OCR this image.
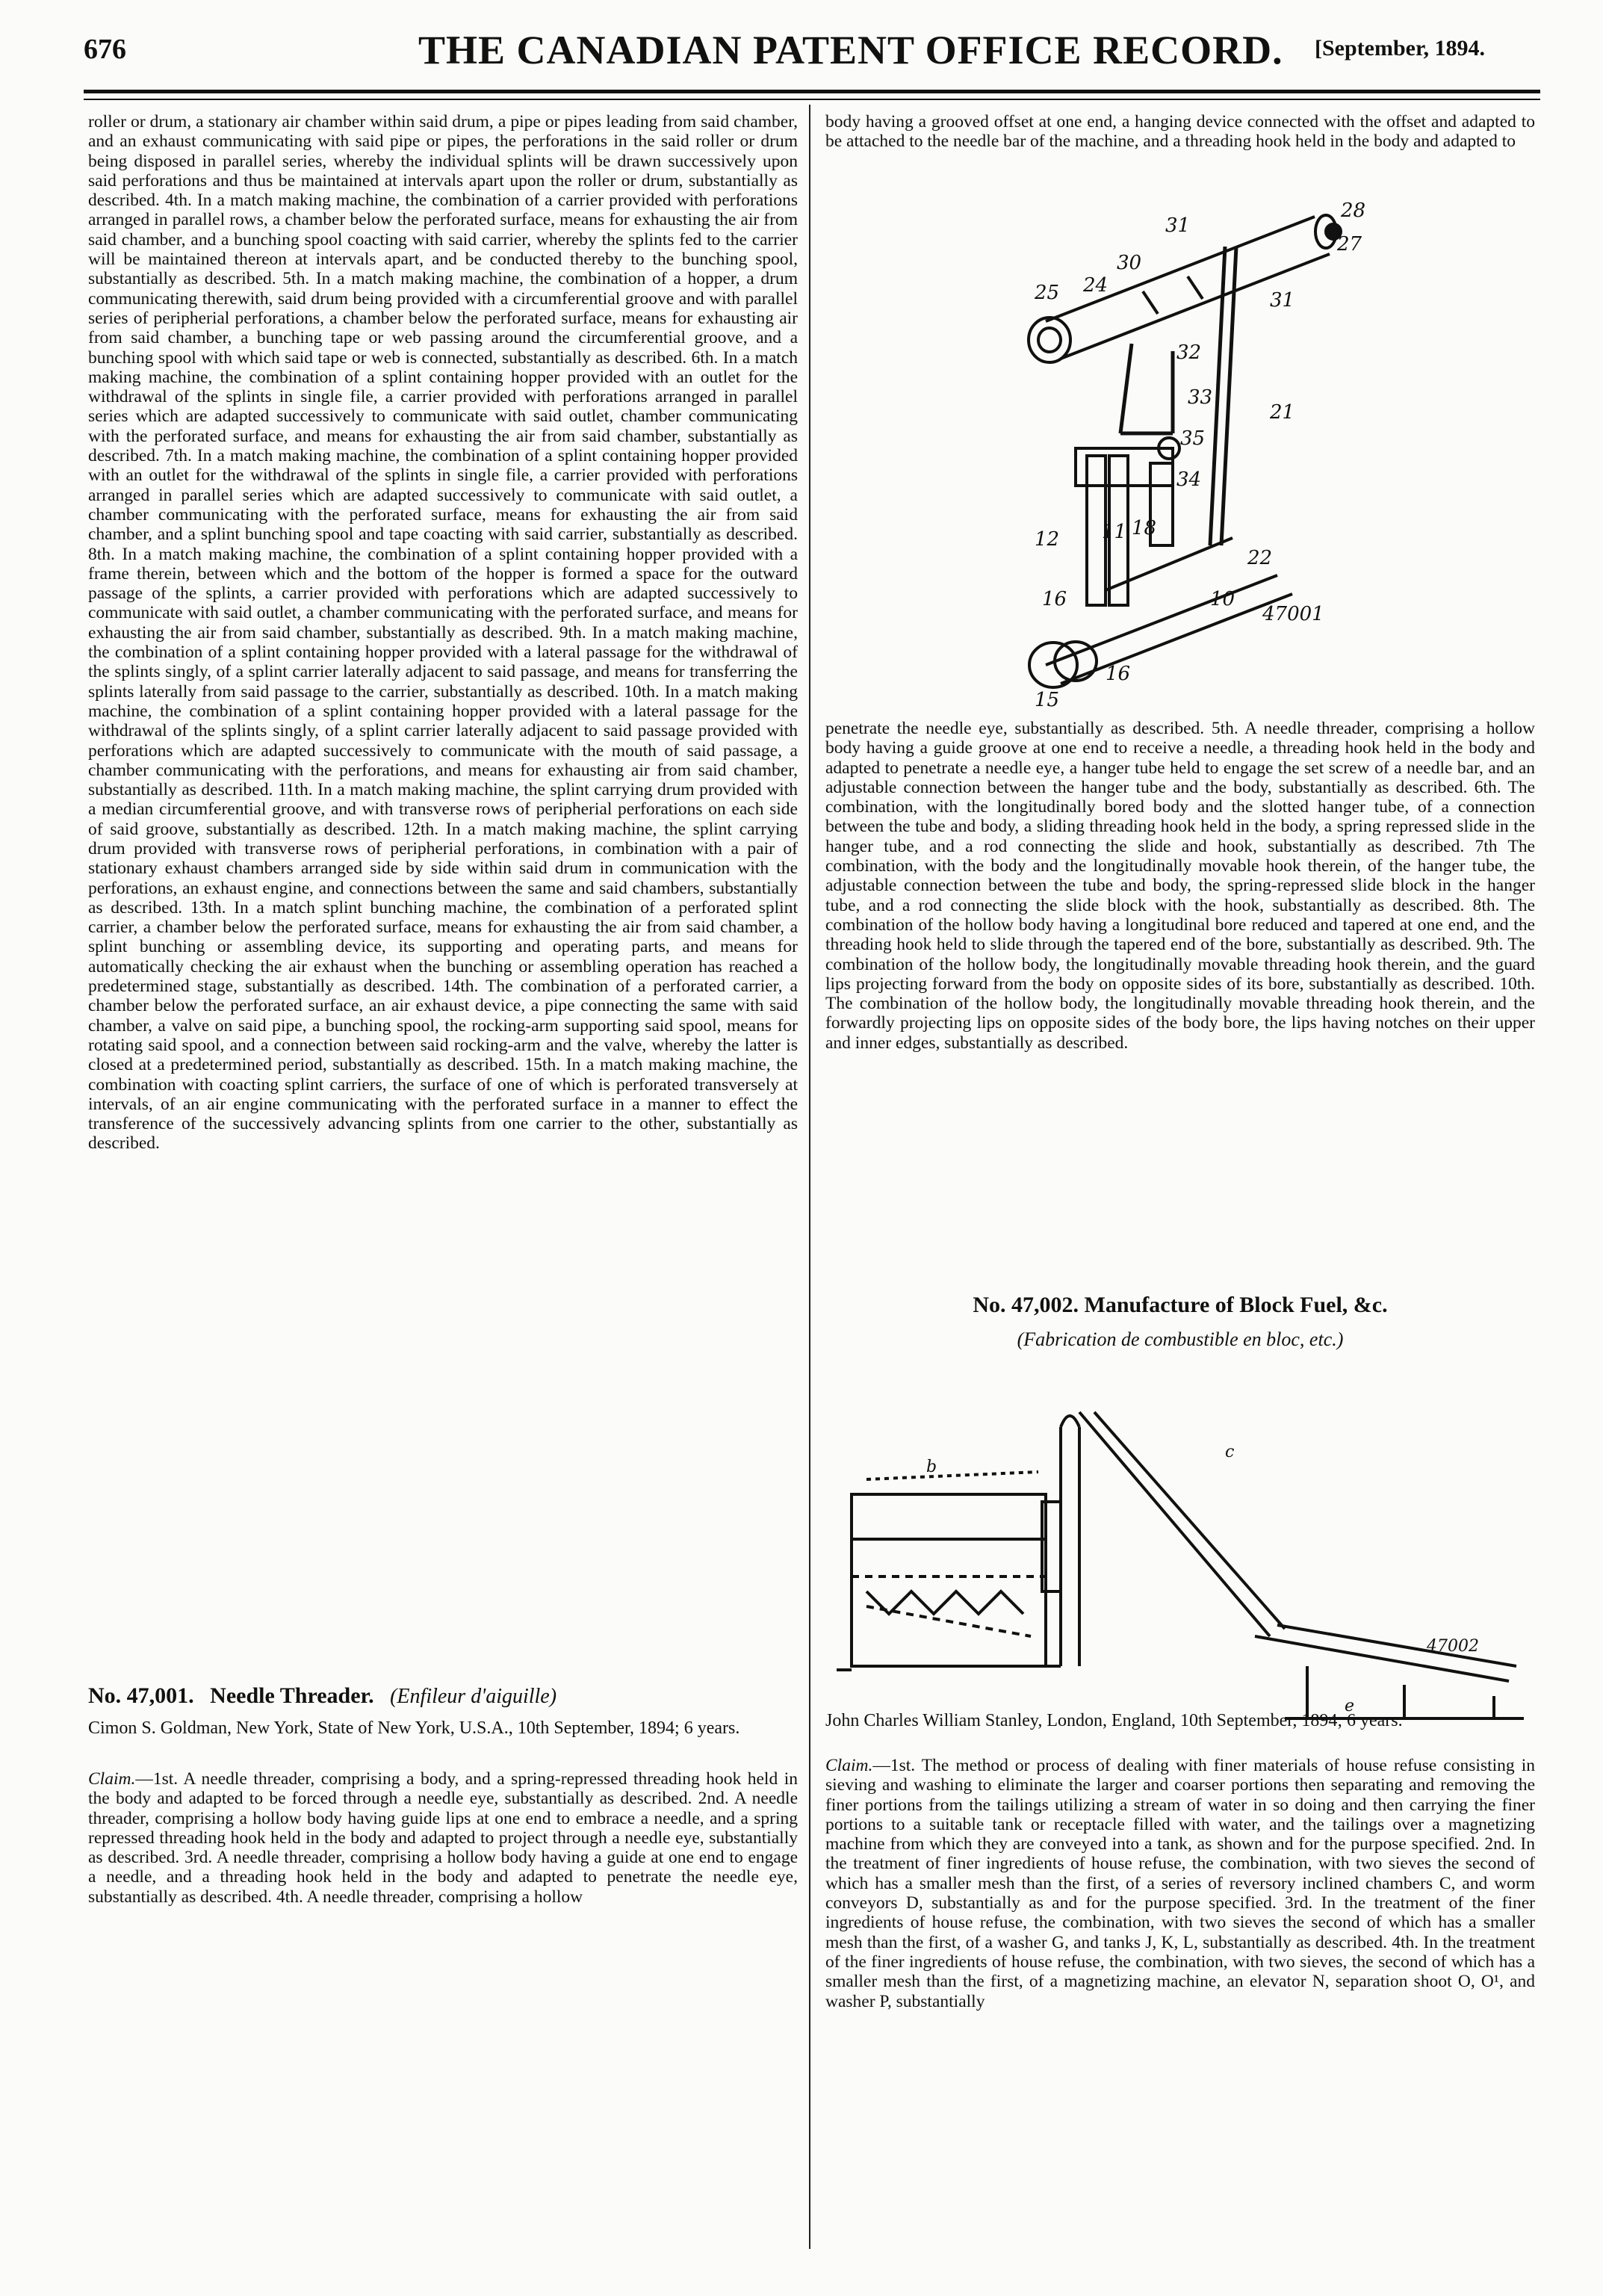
676	THE CANADIAN PATENT OFFICE RECORD. [September, 1894.

roller or drum, a stationary air chamber within said drum, a pipe or pipes leading from said chamber, and an exhaust communicating with said pipe or pipes, the perforations in the said roller or drum being disposed in parallel series, whereby the individual splints will be drawn successively upon said perforations and thus be maintained at intervals apart upon the roller or drum, substantially as described. 4th. In a match making machine, the combination of a carrier provided with perforations arranged in parallel rows, a chamber below the perforated surface, means for exhausting the air from said chamber, and a bunching spool coacting with said carrier, whereby the splints fed to the carrier will be maintained thereon at intervals apart, and be conducted thereby to the bunching spool, substantially as described. 5th. In a match making machine, the combination of a hopper, a drum communicating therewith, said drum being provided with a circumferential groove and with parallel series of peripherial perforations, a chamber below the perforated surface, means for exhausting air from said chamber, a bunching tape or web passing around the circumferential groove, and a bunching spool with which said tape or web is connected, substantially as described. 6th. In a match making machine, the combination of a splint containing hopper provided with an outlet for the withdrawal of the splints in single file, a carrier provided with perforations arranged in parallel series which are adapted successively to communicate with said outlet, chamber communicating with the perforated surface, and means for exhausting the air from said chamber, substantially as described. 7th. In a match making machine, the combination of a splint containing hopper provided with an outlet for the withdrawal of the splints in single file, a carrier provided with perforations arranged in parallel series which are adapted successively to communicate with said outlet, a chamber communicating with the perforated surface, means for exhausting the air from said chamber, and a splint bunching spool and tape coacting with said carrier, substantially as described. 8th. In a match making machine, the combination of a splint containing hopper provided with a frame therein, between which and the bottom of the hopper is formed a space for the outward passage of the splints, a carrier provided with perforations which are adapted successively to communicate with said outlet, a chamber communicating with the perforated surface, and means for exhausting the air from said chamber, substantially as described. 9th. In a match making machine, the combination of a splint containing hopper provided with a lateral passage for the withdrawal of the splints singly, of a splint carrier laterally adjacent to said passage, and means for transferring the splints laterally from said passage to the carrier, substantially as described. 10th. In a match making machine, the combination of a splint containing hopper provided with a lateral passage for the withdrawal of the splints singly, of a splint carrier laterally adjacent to said passage provided with perforations which are adapted successively to communicate with the mouth of said passage, a chamber communicating with the perforations, and means for exhausting air from said chamber, substantially as described. 11th. In a match making machine, the splint carrying drum provided with a median circumferential groove, and with transverse rows of peripherial perforations on each side of said groove, substantially as described. 12th. In a match making machine, the splint carrying drum provided with transverse rows of peripherial perforations, in combination with a pair of stationary exhaust chambers arranged side by side within said drum in communication with the perforations, an exhaust engine, and connections between the same and said chambers, substantially as described. 13th. In a match splint bunching machine, the combination of a perforated splint carrier, a chamber below the perforated surface, means for exhausting the air from said chamber, a splint bunching or assembling device, its supporting and operating parts, and means for automatically checking the air exhaust when the bunching or assembling operation has reached a predetermined stage, substantially as described. 14th. The combination of a perforated carrier, a chamber below the perforated surface, an air exhaust device, a pipe connecting the same with said chamber, a valve on said pipe, a bunching spool, the rocking-arm supporting said spool, means for rotating said spool, and a connection between said rocking-arm and the valve, whereby the latter is closed at a predetermined period, substantially as described. 15th. In a match making machine, the combination with coacting splint carriers, the surface of one of which is perforated transversely at intervals, of an air engine communicating with the perforated surface in a manner to effect the transference of the successively advancing splints from one carrier to the other, substantially as described.

No. 47,001. Needle Threader. (Enfileur d'aiguille)
Cimon S. Goldman, New York, State of New York, U.S.A., 10th September, 1894; 6 years.

Claim.—1st. A needle threader, comprising a body, and a spring-repressed threading hook held in the body and adapted to be forced through a needle eye, substantially as described. 2nd. A needle threader, comprising a hollow body having guide lips at one end to embrace a needle, and a spring repressed threading hook held in the body and adapted to project through a needle eye, substantially as described. 3rd. A needle threader, comprising a hollow body having a guide at one end to engage a needle, and a threading hook held in the body and adapted to penetrate the needle eye, substantially as described. 4th. A needle threader, comprising a hollow

body having a grooved offset at one end, a hanging device connected with the offset and adapted to be attached to the needle bar of the machine, and a threading hook held in the body and adapted to

31
28
27
30
24
25	31
32
33
21
35
34
12 11 18
22
16	10
47001
15
16

penetrate the needle eye, substantially as described. 5th. A needle threader, comprising a hollow body having a guide groove at one end to receive a needle, a threading hook held in the body and adapted to penetrate a needle eye, a hanger tube held to engage the set screw of a needle bar, and an adjustable connection between the hanger tube and the body, substantially as described. 6th. The combination, with the longitudinally bored body and the slotted hanger tube, of a connection between the tube and body, a sliding threading hook held in the body, a spring repressed slide in the hanger tube, and a rod connecting the slide and hook, substantially as described. 7th The combination, with the body and the longitudinally movable hook therein, of the hanger tube, the adjustable connection between the tube and body, the spring-repressed slide block in the hanger tube, and a rod connecting the slide block with the hook, substantially as described. 8th. The combination of the hollow body having a longitudinal bore reduced and tapered at one end, and the threading hook held to slide through the tapered end of the bore, substantially as described. 9th. The combination of the hollow body, the longitudinally movable threading hook therein, and the guard lips projecting forward from the body on opposite sides of its bore, substantially as described. 10th. The combination of the hollow body, the longitudinally movable threading hook therein, and the forwardly projecting lips on opposite sides of the body bore, the lips having notches on their upper and inner edges, substantially as described.

No. 47,002. Manufacture of Block Fuel, &c.
(Fabrication de combustible en bloc, etc.)
b
c
e
47002
John Charles William Stanley, London, England, 10th September, 1894; 6 years.

Claim.—1st. The method or process of dealing with finer materials of house refuse consisting in sieving and washing to eliminate the larger and coarser portions then separating and removing the finer portions from the tailings utilizing a stream of water in so doing and then carrying the finer portions to a suitable tank or receptacle filled with water, and the tailings over a magnetizing machine from which they are conveyed into a tank, as shown and for the purpose specified. 2nd. In the treatment of finer ingredients of house refuse, the combination, with two sieves the second of which has a smaller mesh than the first, of a series of reversory inclined chambers C, and worm conveyors D, substantially as and for the purpose specified. 3rd. In the treatment of the finer ingredients of house refuse, the combination, with two sieves the second of which has a smaller mesh than the first, of a washer G, and tanks J, K, L, substantially as described. 4th. In the treatment of the finer ingredients of house refuse, the combination, with two sieves, the second of which has a smaller mesh than the first, of a magnetizing machine, an elevator N, separation shoot O, O¹, and washer P, substantially
